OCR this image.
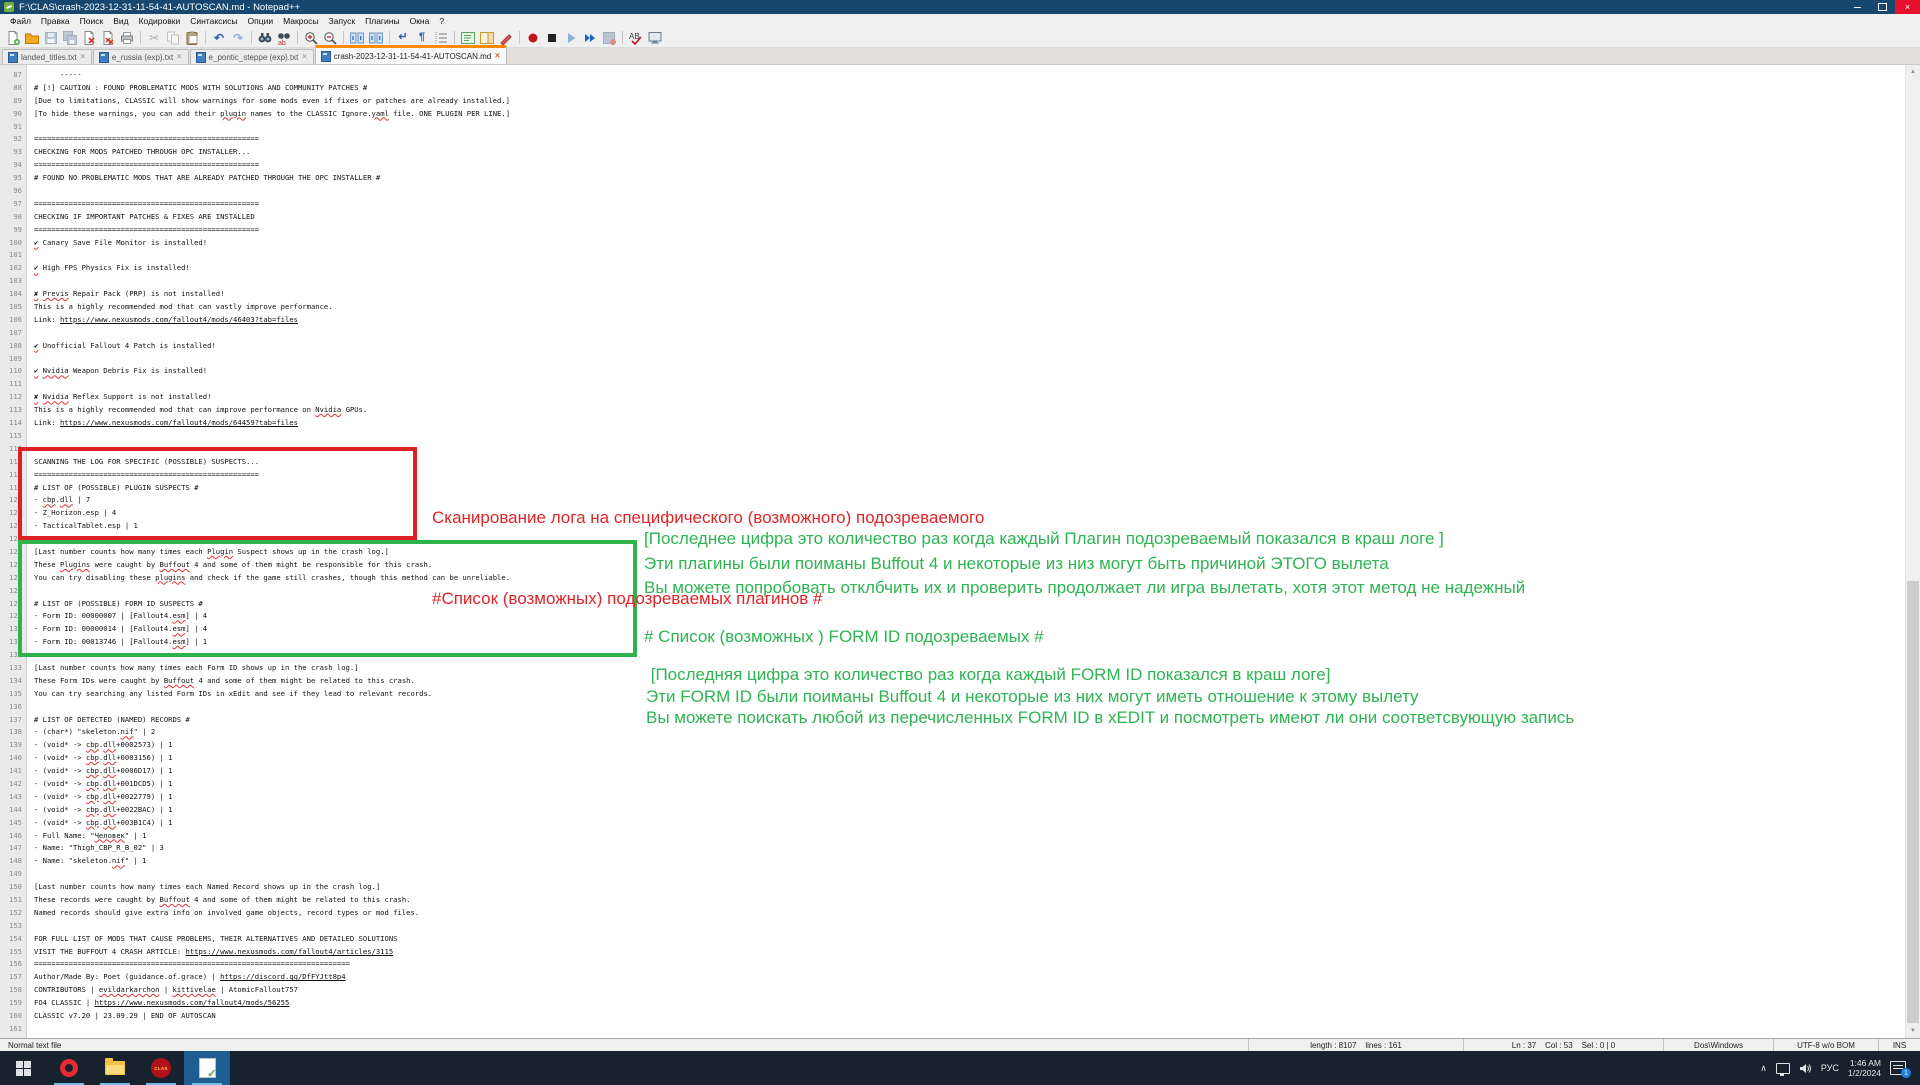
F:\CLAS\crash-2023-12-31-11-54-41-AUTOSCAN.md - Notepad++	×
Файл	Правка	Поиск	Вид	Кодировки	Синтаксисы	Опции	Макросы	Запуск	Плагины	Окна	?
✂	↶ ↷	ab	↵ ¶	AB
landed_titles.txt ✕	e_russia (exp).txt ✕	e_pontic_steppe (exp).txt ✕	crash-2023-12-31-11-54-41-AUTOSCAN.md ✕
87
88
89
90
91
92
93
94
95
96
97
98
99
100
101
102
103
104
105
106
107
108
109
110
111
112
113
114
115
116
117
118
119
120
121
122
123
124
125
126
127
128
129
130
131
132
133
134
135
136
137
138
139
140
141
142
143
144
145
146
147
148
149
150
151
152
153
154
155
156
157
158
159
160
161
-----
# [!] CAUTION : FOUND PROBLEMATIC MODS WITH SOLUTIONS AND COMMUNITY PATCHES #
[Due to limitations, CLASSIC will show warnings for some mods even if fixes or patches are already installed.]
[To hide these warnings, you can add their plugin names to the CLASSIC Ignore.yaml file. ONE PLUGIN PER LINE.]

====================================================
CHECKING FOR MODS PATCHED THROUGH OPC INSTALLER...
====================================================
# FOUND NO PROBLEMATIC MODS THAT ARE ALREADY PATCHED THROUGH THE OPC INSTALLER #

====================================================
CHECKING IF IMPORTANT PATCHES & FIXES ARE INSTALLED
====================================================
✔ Canary Save File Monitor is installed!

✔ High FPS Physics Fix is installed!

✘ Previs Repair Pack (PRP) is not installed!
This is a highly recommended mod that can vastly improve performance.
Link: https://www.nexusmods.com/fallout4/mods/46403?tab=files

✔ Unofficial Fallout 4 Patch is installed!

✔ Nvidia Weapon Debris Fix is installed!

✘ Nvidia Reflex Support is not installed!
This is a highly recommended mod that can improve performance on Nvidia GPUs.
Link: https://www.nexusmods.com/fallout4/mods/64459?tab=files

====================================================
SCANNING THE LOG FOR SPECIFIC (POSSIBLE) SUSPECTS...
====================================================
# LIST OF (POSSIBLE) PLUGIN SUSPECTS #
- cbp.dll | 7
- Z_Horizon.esp | 4
- TacticalTablet.esp | 1

[Last number counts how many times each Plugin Suspect shows up in the crash log.]
These Plugins were caught by Buffout 4 and some of them might be responsible for this crash.
You can try disabling these plugins and check if the game still crashes, though this method can be unreliable.

# LIST OF (POSSIBLE) FORM ID SUSPECTS #
- Form ID: 00000007 | [Fallout4.esm] | 4
- Form ID: 00000014 | [Fallout4.esm] | 4
- Form ID: 00013746 | [Fallout4.esm] | 1

[Last number counts how many times each Form ID shows up in the crash log.]
These Form IDs were caught by Buffout 4 and some of them might be related to this crash.
You can try searching any listed Form IDs in xEdit and see if they lead to relevant records.

# LIST OF DETECTED (NAMED) RECORDS #
- (char*) "skeleton.nif" | 2
- (void* -> cbp.dll+0002573) | 1
- (void* -> cbp.dll+0003156) | 1
- (void* -> cbp.dll+0006D17) | 1
- (void* -> cbp.dll+001DCD5) | 1
- (void* -> cbp.dll+0022779) | 1
- (void* -> cbp.dll+0022BAC) | 1
- (void* -> cbp.dll+003B1C4) | 1
- Full Name: "Человек" | 1
- Name: "Thigh_CBP_R_B_02" | 3
- Name: "skeleton.nif" | 1

[Last number counts how many times each Named Record shows up in the crash log.]
These records were caught by Buffout 4 and some of them might be related to this crash.
Named records should give extra info on involved game objects, record types or mod files.

FOR FULL LIST OF MODS THAT CAUSE PROBLEMS, THEIR ALTERNATIVES AND DETAILED SOLUTIONS
VISIT THE BUFFOUT 4 CRASH ARTICLE: https://www.nexusmods.com/fallout4/articles/3115
=========================================================================
Author/Made By: Poet (guidance.of.grace) | https://discord.gg/DfFYJtt8p4
CONTRIBUTORS | evildarkarchon | kittivelae | AtomicFallout757
FO4 CLASSIC | https://www.nexusmods.com/fallout4/mods/56255
CLASSIC v7.20 | 23.09.29 | END OF AUTOSCAN

Сканирование лога на специфического (возможного) подозреваемого

#Список (возможных) подозреваемых плагинов #

[Последнее цифра это количество раз когда каждый Плагин подозреваемый показался в краш логе ]
Эти плагины были поиманы Buffout 4 и некоторые из низ могут быть причиной ЭТОГО вылета
Вы можете попробовать отклбчить их и проверить продолжает ли игра вылетать, хотя этот метод не надежный
# Список (возможных ) FORM ID подозреваемых #
[Последняя цифра это количество раз когда каждый FORM ID показался в краш логе]
Эти FORM ID были поиманы Buffout 4 и некоторые из них могут иметь отношение к этому вылету
Вы можете поискать любой из перечисленных FORM ID в xEDIT и посмотреть имеют ли они соответсвующую запись
▲
▼
Normal text file	length : 8107    lines : 161	Ln : 37    Col : 53    Sel : 0 | 0	Dos\Windows	UTF-8 w/o BOM	INS
CLAS ✓	∧	РУС 1:46 AM
1/2/2024	1
